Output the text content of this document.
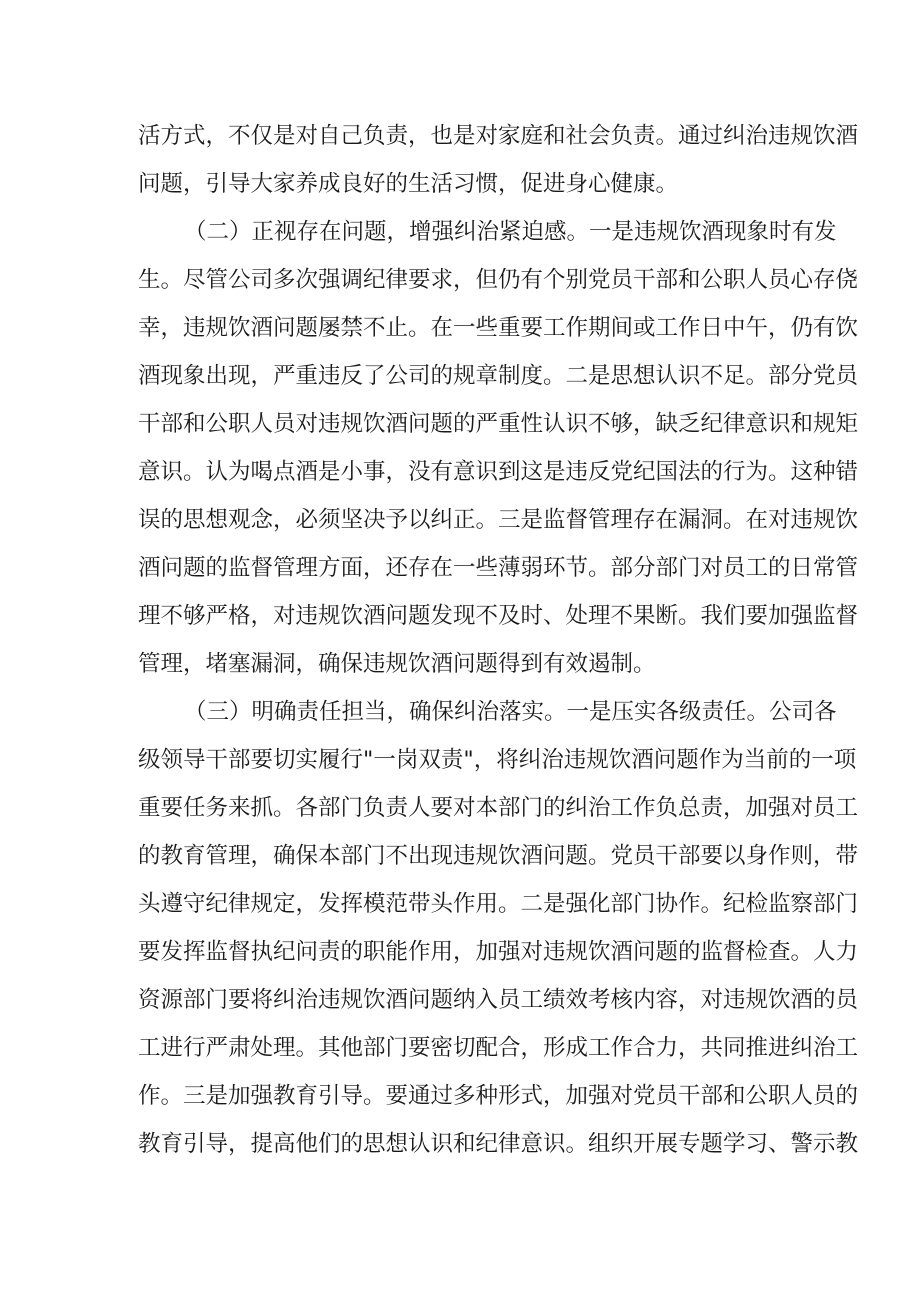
活方式，不仅是对自己负责，也是对家庭和社会负责。通过纠治违规饮酒
问题，引导大家养成良好的生活习惯，促进身心健康。
（二）正视存在问题，增强纠治紧迫感。一是违规饮酒现象时有发
生。尽管公司多次强调纪律要求，但仍有个别党员干部和公职人员心存侥
幸，违规饮酒问题屡禁不止。在一些重要工作期间或工作日中午，仍有饮
酒现象出现，严重违反了公司的规章制度。二是思想认识不足。部分党员
干部和公职人员对违规饮酒问题的严重性认识不够，缺乏纪律意识和规矩
意识。认为喝点酒是小事，没有意识到这是违反党纪国法的行为。这种错
误的思想观念，必须坚决予以纠正。三是监督管理存在漏洞。在对违规饮
酒问题的监督管理方面，还存在一些薄弱环节。部分部门对员工的日常管
理不够严格，对违规饮酒问题发现不及时、处理不果断。我们要加强监督
管理，堵塞漏洞，确保违规饮酒问题得到有效遏制。
（三）明确责任担当，确保纠治落实。一是压实各级责任。公司各
级领导干部要切实履行"一岗双责"，将纠治违规饮酒问题作为当前的一项
重要任务来抓。各部门负责人要对本部门的纠治工作负总责，加强对员工
的教育管理，确保本部门不出现违规饮酒问题。党员干部要以身作则，带
头遵守纪律规定，发挥模范带头作用。二是强化部门协作。纪检监察部门
要发挥监督执纪问责的职能作用，加强对违规饮酒问题的监督检查。人力
资源部门要将纠治违规饮酒问题纳入员工绩效考核内容，对违规饮酒的员
工进行严肃处理。其他部门要密切配合，形成工作合力，共同推进纠治工
作。三是加强教育引导。要通过多种形式，加强对党员干部和公职人员的
教育引导，提高他们的思想认识和纪律意识。组织开展专题学习、警示教
